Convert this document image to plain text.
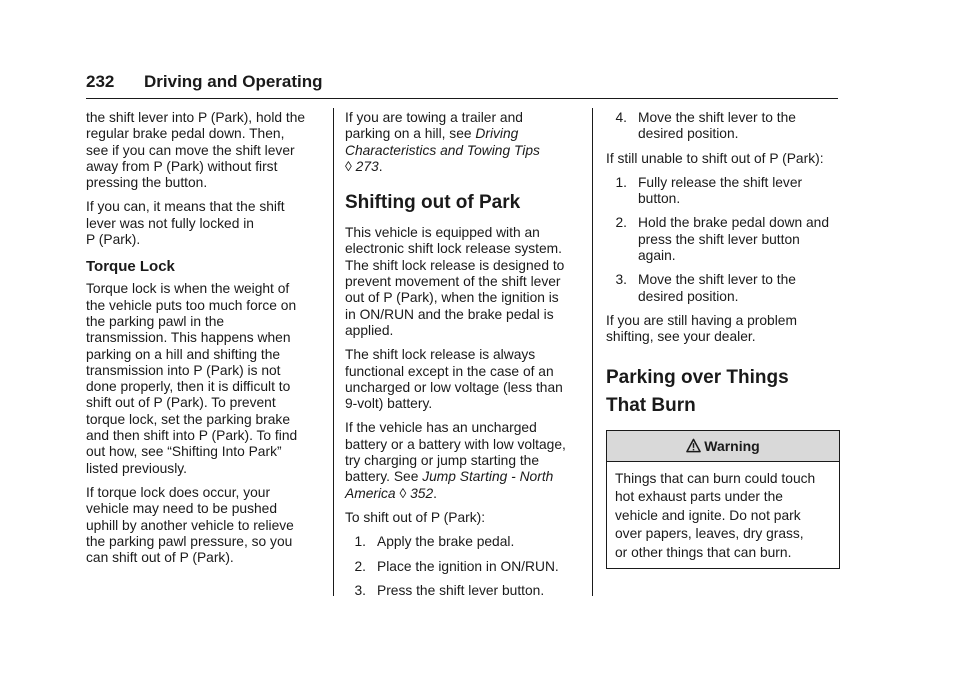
232 Driving and Operating

the shift lever into P (Park), hold the
regular brake pedal down. Then,
see if you can move the shift lever
away from P (Park) without first
pressing the button.

If you can, it means that the shift
lever was not fully locked in
P (Park).

Torque Lock

Torque lock is when the weight of
the vehicle puts too much force on
the parking pawl in the
transmission. This happens when
parking on a hill and shifting the
transmission into P (Park) is not
done properly, then it is difficult to
shift out of P (Park). To prevent
torque lock, set the parking brake
and then shift into P (Park). To find
out how, see “Shifting Into Park”
listed previously.

If torque lock does occur, your
vehicle may need to be pushed
uphill by another vehicle to relieve
the parking pawl pressure, so you
can shift out of P (Park).

If you are towing a trailer and
parking on a hill, see Driving
Characteristics and Towing Tips
◊ 273.

Shifting out of Park

This vehicle is equipped with an
electronic shift lock release system.
The shift lock release is designed to
prevent movement of the shift lever
out of P (Park), when the ignition is
in ON/RUN and the brake pedal is
applied.

The shift lock release is always
functional except in the case of an
uncharged or low voltage (less than
9-volt) battery.

If the vehicle has an uncharged
battery or a battery with low voltage,
try charging or jump starting the
battery. See Jump Starting - North
America ◊ 352.

To shift out of P (Park):

1. Apply the brake pedal.
2. Place the ignition in ON/RUN.
3. Press the shift lever button.
4. Move the shift lever to the
desired position.

If still unable to shift out of P (Park):

1. Fully release the shift lever
button.
2. Hold the brake pedal down and
press the shift lever button
again.
3. Move the shift lever to the
desired position.

If you are still having a problem
shifting, see your dealer.

Parking over Things
That Burn
Warning
Things that can burn could touch
hot exhaust parts under the
vehicle and ignite. Do not park
over papers, leaves, dry grass,
or other things that can burn.
